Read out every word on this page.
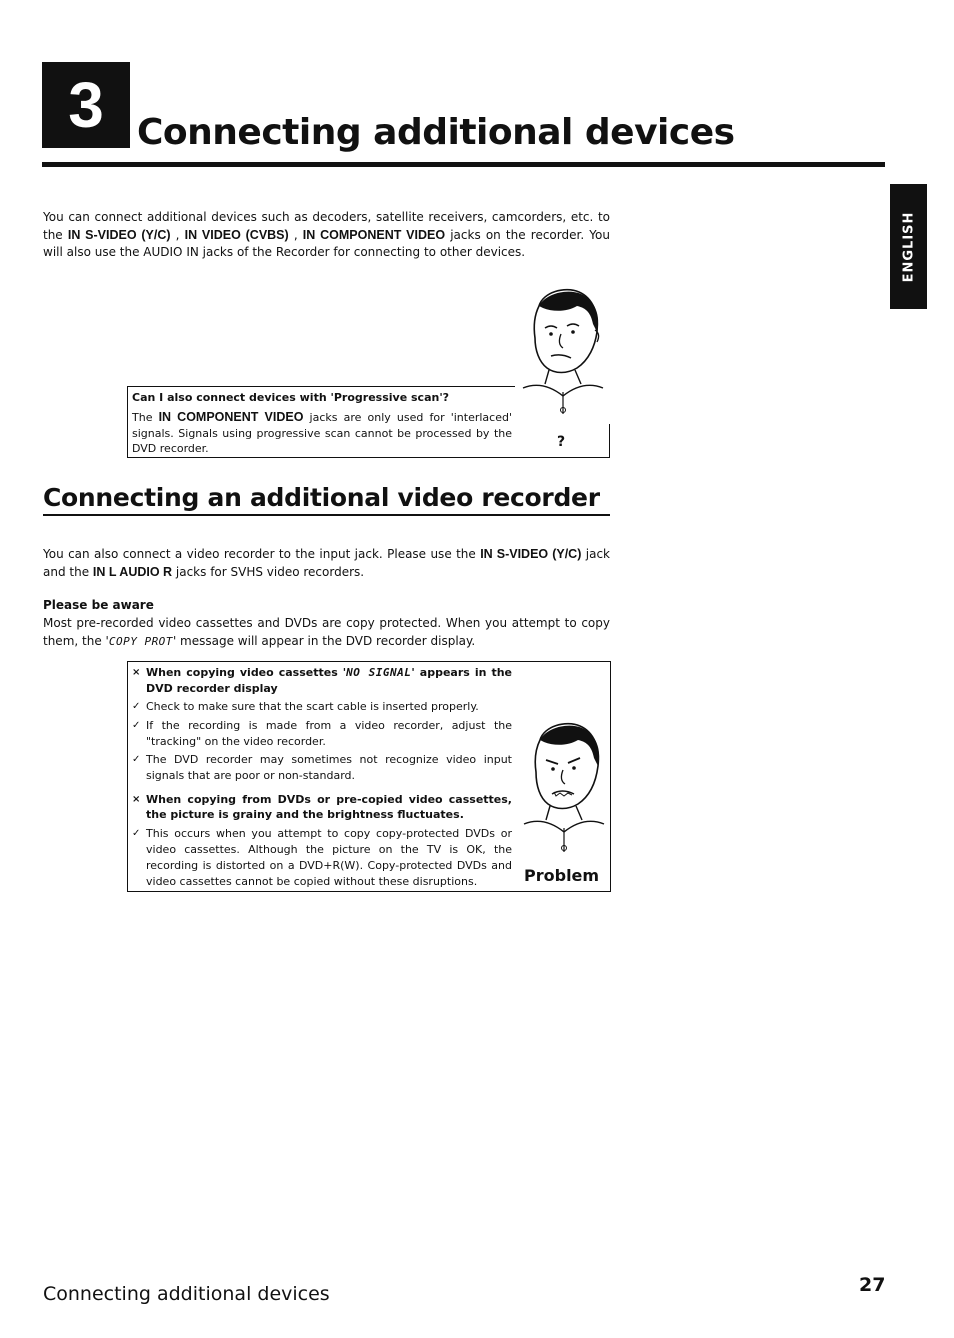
3 Connecting additional devices
ENGLISH
You can connect additional devices such as decoders, satellite receivers, camcorders, etc. to the IN S-VIDEO (Y/C) , IN VIDEO (CVBS) , IN COMPONENT VIDEO jacks on the recorder. You will also use the AUDIO IN jacks of the Recorder for connecting to other devices.
Can I also connect devices with 'Progressive scan'?
The IN COMPONENT VIDEO jacks are only used for 'interlaced' signals. Signals using progressive scan cannot be processed by the DVD recorder.	?
Connecting an additional video recorder
You can also connect a video recorder to the input jack. Please use the IN S-VIDEO (Y/C) jack and the IN L AUDIO R jacks for SVHS video recorders.
Please be aware
Most pre-recorded video cassettes and DVDs are copy protected. When you attempt to copy them, the 'COPY PROT' message will appear in the DVD recorder display.
× When copying video cassettes 'NO SIGNAL' appears in the DVD recorder display
✓ Check to make sure that the scart cable is inserted properly.
✓ If the recording is made from a video recorder, adjust the "tracking" on the video recorder.
✓ The DVD recorder may sometimes not recognize video input signals that are poor or non-standard.
× When copying from DVDs or pre-copied video cassettes, the picture is grainy and the brightness fluctuates.
✓ This occurs when you attempt to copy copy-protected DVDs or video cassettes. Although the picture on the TV is OK, the recording is distorted on a DVD+R(W). Copy-protected DVDs and video cassettes cannot be copied without these disruptions.	Problem
Connecting additional devices	27
